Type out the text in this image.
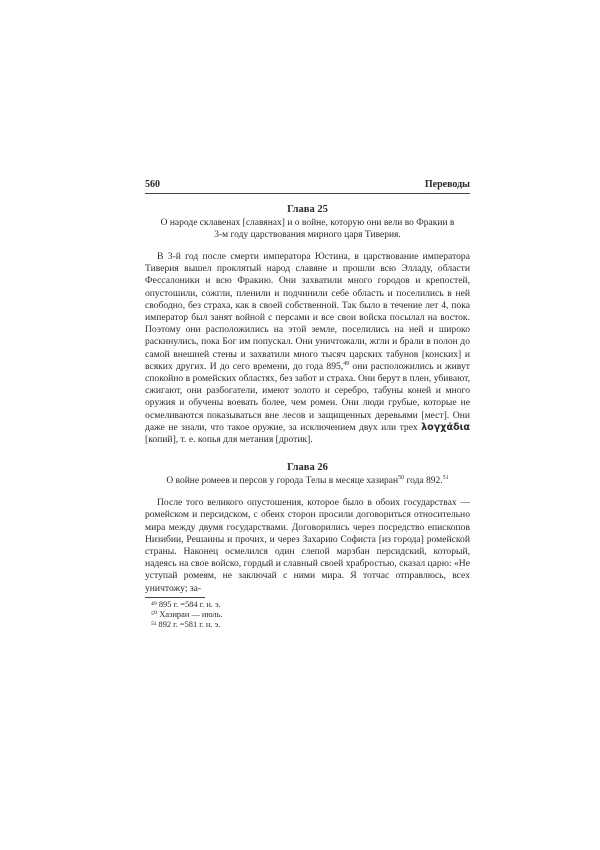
560	Переводы
Глава 25
О народе склавенах [славянах] и о войне, которую они вели во Фракии в 3-м году царствования мирного царя Тиверия.

В 3-й год после смерти императора Юстина, в царствование императора Тиверия вышел проклятый народ славяне и прошли всю Элладу, области Фессалоники и всю Фракию. Они захватили много городов и крепостей, опустошили, сожгли, пленили и подчинили себе область и поселились в ней свободно, без страха, как в своей собственной. Так было в течение лет 4, пока император был занят войной с персами и все свои войска посылал на восток. Поэтому они расположились на этой земле, поселились на ней и широко раскинулись, пока Бог им попускал. Они уничтожали, жгли и брали в полон до самой внешней стены и захватили много тысяч царских табунов [конских] и всяких других. И до сего времени, до года 895,49 они расположились и живут спокойно в ромейских областях, без забот и страха. Они берут в плен, убивают, сжигают, они разбогатели, имеют золото и серебро, табуны коней и много оружия и обучены воевать более, чем ромеи. Они люди грубые, которые не осмеливаются показываться вне лесов и защищенных деревьями [мест]. Они даже не знали, что такое оружие, за исключением двух или трех λογχάδια [копий], т. е. копья для метания [дротик].

Глава 26
О войне ромеев и персов у города Телы в месяце хазиран$^{50}$ года 892.51

После того великого опустошения, которое было в обоих государствах — ромейском и персидском, с обеих сторон просили договориться относительно мира между двумя государствами. Договорились через посредство епископов Низибии, Решаины и прочих, и через Захарию Софиста [из города] ромейской страны. Наконец осмелился один слепой марзбан персидский, который, надеясь на свое войско, гордый и славный своей храбростью, сказал царю: «Не уступай ромеям, не заключай с ними мира. Я тотчас отправлюсь, всех уничтожу; за-

⁴⁹ 895 г. =584 г. н. э.
⁵⁰ Хазиран — июль.
⁵¹ 892 г. =581 г. н. э.
